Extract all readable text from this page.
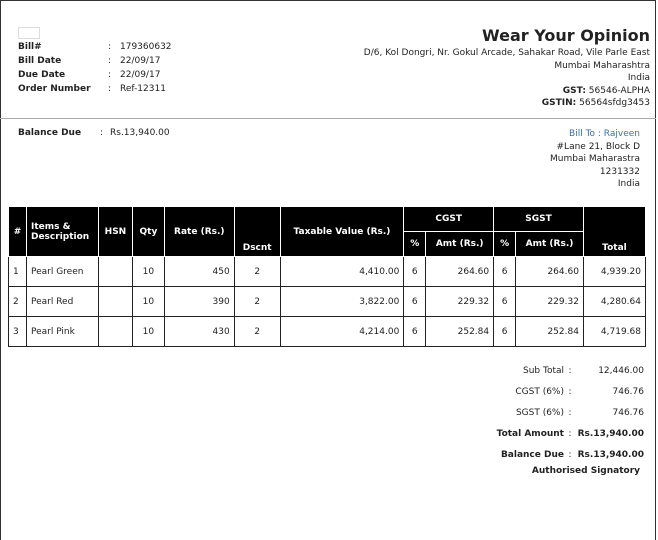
Bill#	: 179360632
Bill Date	: 22/09/17
Due Date	: 22/09/17
Order Number	: Ref-12311
Wear Your Opinion
D/6, Kol Dongri, Nr. Gokul Arcade, Sahakar Road, Vile Parle East
Mumbai Maharashtra
India
GST: 56546-ALPHA
GSTIN: 56564sfdg3453
Balance Due	: Rs.13,940.00	Bill To : Rajveen
#Lane 21, Block D
Mumbai Maharastra
1231332
India
#	Items & Description	HSN	Qty	Rate (Rs.)	Dscnt	Taxable Value (Rs.)	CGST		SGST		Total
							%	Amt (Rs.)	%	Amt (Rs.)	
1	Pearl Green		10	450	2	4,410.00	6	264.60	6	264.60	4,939.20
2	Pearl Red		10	390	2	3,822.00	6	229.32	6	229.32	4,280.64
3	Pearl Pink		10	430	2	4,214.00	6	252.84	6	252.84	4,719.68
Sub Total :	12,446.00
CGST (6%) :	746.76
SGST (6%) :	746.76
Total Amount : Rs.13,940.00
Balance Due : Rs.13,940.00
Authorised Signatory
